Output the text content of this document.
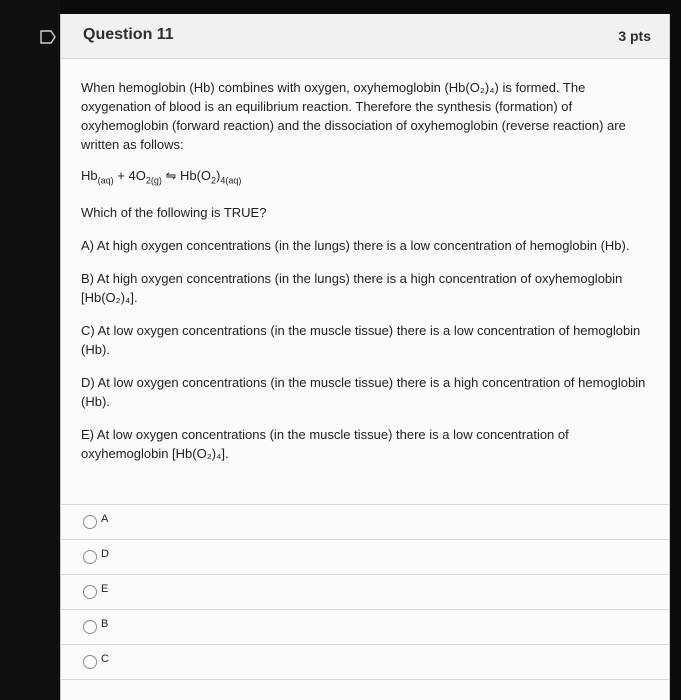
Question 11	3 pts

When hemoglobin (Hb) combines with oxygen, oxyhemoglobin (Hb(O₂)₄) is formed. The oxygenation of blood is an equilibrium reaction. Therefore the synthesis (formation) of oxyhemoglobin (forward reaction) and the dissociation of oxyhemoglobin (reverse reaction) are written as follows:

$Hb_{(aq)} + 4O_{2(g)}$ ⇋ $Hb(O_2)_{4(aq)}$
Which of the following is TRUE?
A) At high oxygen concentrations (in the lungs) there is a low concentration of hemoglobin (Hb).
B) At high oxygen concentrations (in the lungs) there is a high concentration of oxyhemoglobin [Hb(O₂)₄].
C) At low oxygen concentrations (in the muscle tissue) there is a low concentration of hemoglobin (Hb).
D) At low oxygen concentrations (in the muscle tissue) there is a high concentration of hemoglobin (Hb).
E) At low oxygen concentrations (in the muscle tissue) there is a low concentration of oxyhemoglobin [Hb(O₂)₄].
A
D
E
B
C
